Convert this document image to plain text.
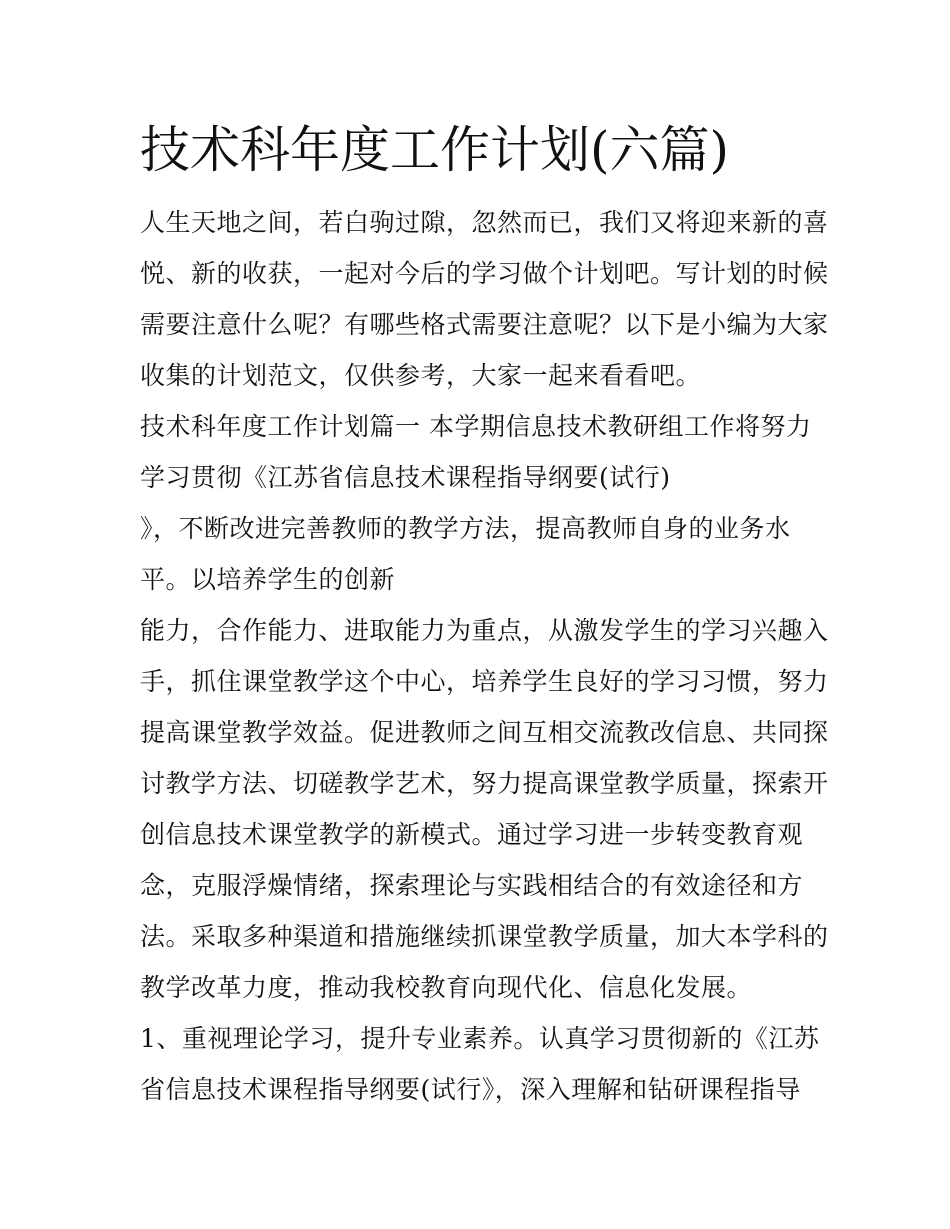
技术科年度工作计划(六篇)

人生天地之间，若白驹过隙，忽然而已，我们又将迎来新的喜

悦、新的收获，一起对今后的学习做个计划吧。写计划的时候

需要注意什么呢？有哪些格式需要注意呢？以下是小编为大家

收集的计划范文，仅供参考，大家一起来看看吧。

技术科年度工作计划篇一 本学期信息技术教研组工作将努力

学习贯彻《江苏省信息技术课程指导纲要(试行)

》，不断改进完善教师的教学方法，提高教师自身的业务水

平。以培养学生的创新

能力，合作能力、进取能力为重点，从激发学生的学习兴趣入

手，抓住课堂教学这个中心，培养学生良好的学习习惯，努力

提高课堂教学效益。促进教师之间互相交流教改信息、共同探

讨教学方法、切磋教学艺术，努力提高课堂教学质量，探索开

创信息技术课堂教学的新模式。通过学习进一步转变教育观

念，克服浮燥情绪，探索理论与实践相结合的有效途径和方

法。采取多种渠道和措施继续抓课堂教学质量，加大本学科的

教学改革力度，推动我校教育向现代化、信息化发展。

1、重视理论学习，提升专业素养。认真学习贯彻新的《江苏

省信息技术课程指导纲要(试行》，深入理解和钻研课程指导
